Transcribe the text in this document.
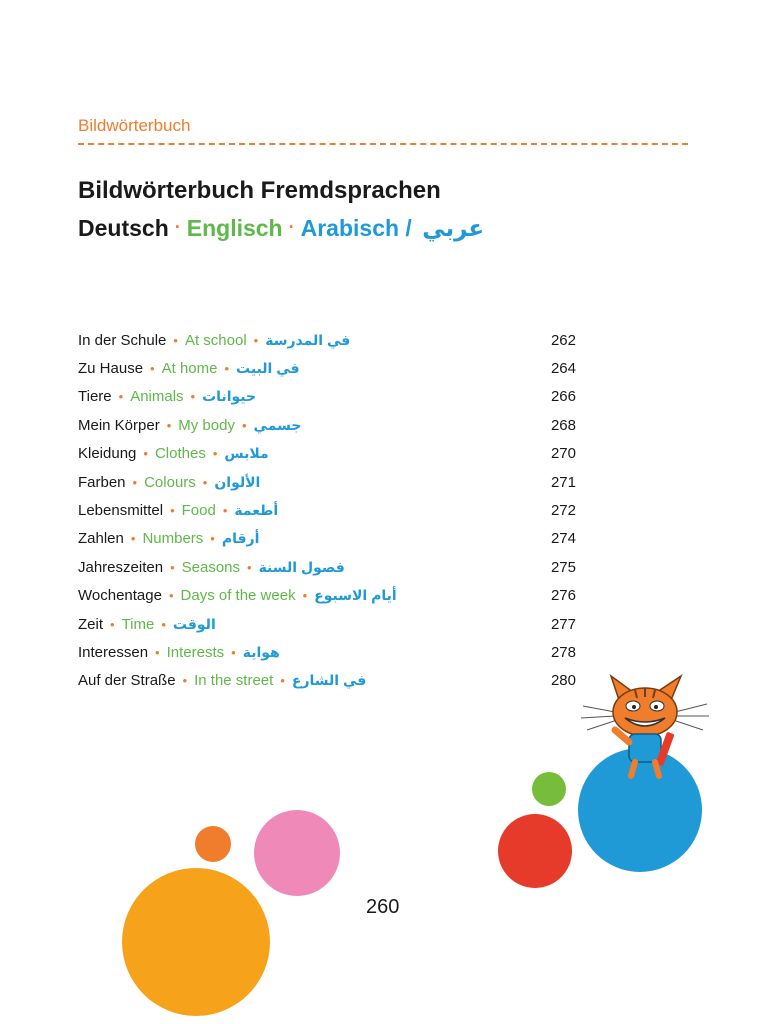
Bildwörterbuch
Bildwörterbuch Fremdsprachen
Deutsch · Englisch · Arabisch / عربي
In der Schule • At school • في المدرسة	262
Zu Hause • At home • في البيت	264
Tiere • Animals • حيوانات	266
Mein Körper • My body • جسمي	268
Kleidung • Clothes • ملابس	270
Farben • Colours • الألوان	271
Lebensmittel • Food • أطعمة	272
Zahlen • Numbers • أرقام	274
Jahreszeiten • Seasons • فصول السنة	275
Wochentage • Days of the week • أيام الاسبوع	276
Zeit • Time • الوقت	277
Interessen • Interests • هواية	278
Auf der Straße • In the street • في الشارع	280
260
